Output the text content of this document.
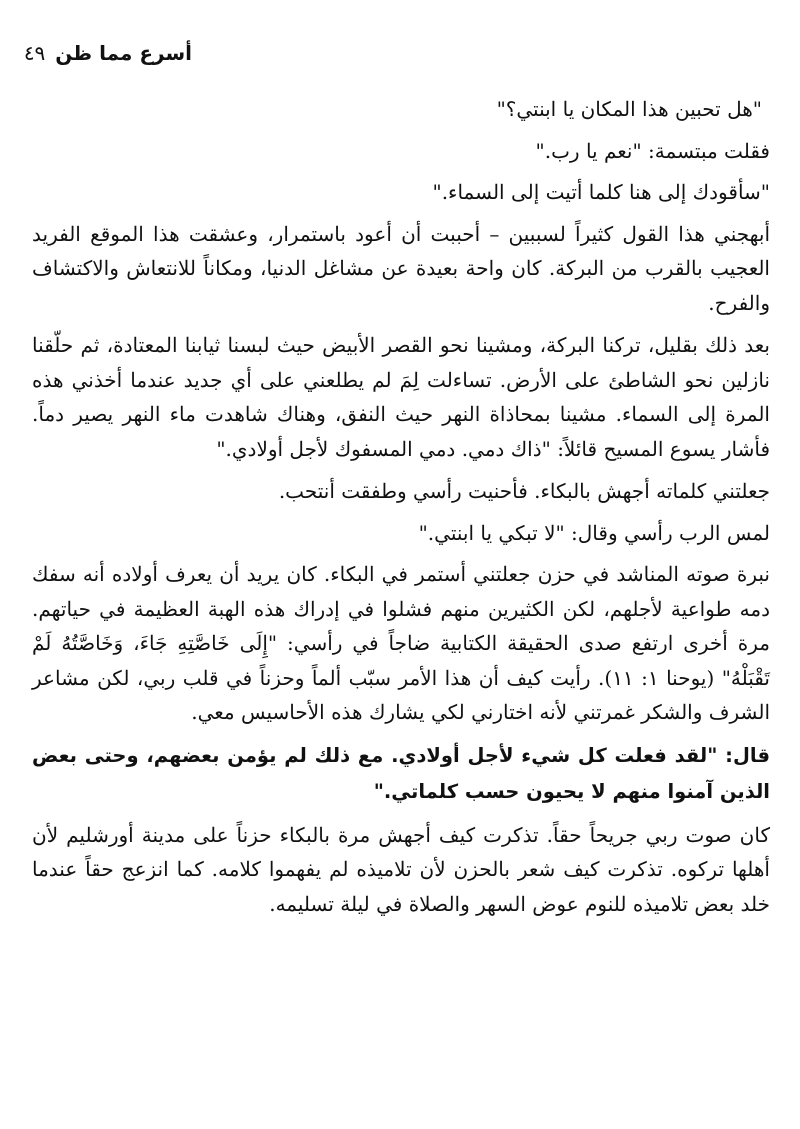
أسرع مما ظن
٤٩

"هل تحبين هذا المكان يا ابنتي؟"

فقلت مبتسمة: "نعم يا رب."

"سأقودك إلى هنا كلما أتيت إلى السماء."

أبهجني هذا القول كثيراً لسببين – أحببت أن أعود باستمرار، وعشقت هذا الموقع الفريد العجيب بالقرب من البركة. كان واحة بعيدة عن مشاغل الدنيا، ومكاناً للانتعاش والاكتشاف والفرح.

بعد ذلك بقليل، تركنا البركة، ومشينا نحو القصر الأبيض حيث لبسنا ثيابنا المعتادة، ثم حلّقنا نازلين نحو الشاطئ على الأرض. تساءلت لِمَ لم يطلعني على أي جديد عندما أخذني هذه المرة إلى السماء. مشينا بمحاذاة النهر حيث النفق، وهناك شاهدت ماء النهر يصير دماً. فأشار يسوع المسيح قائلاً: "ذاك دمي. دمي المسفوك لأجل أولادي."

جعلتني كلماته أجهش بالبكاء. فأحنيت رأسي وطفقت أنتحب.

لمس الرب رأسي وقال: "لا تبكي يا ابنتي."

نبرة صوته المناشد في حزن جعلتني أستمر في البكاء. كان يريد أن يعرف أولاده أنه سفك دمه طواعية لأجلهم، لكن الكثيرين منهم فشلوا في إدراك هذه الهبة العظيمة في حياتهم. مرة أخرى ارتفع صدى الحقيقة الكتابية ضاجاً في رأسي: "إِلَى خَاصَّتِهِ جَاءَ، وَخَاصَّتُهُ لَمْ تَقْبَلْهُ" (يوحنا ١: ١١). رأيت كيف أن هذا الأمر سبّب ألماً وحزناً في قلب ربي، لكن مشاعر الشرف والشكر غمرتني لأنه اختارني لكي يشارك هذه الأحاسيس معي.

قال: "لقد فعلت كل شيء لأجل أولادي. مع ذلك لم يؤمن بعضهم، وحتى بعض الذين آمنوا منهم لا يحيون حسب كلماتي."

كان صوت ربي جريحاً حقاً. تذكرت كيف أجهش مرة بالبكاء حزناً على مدينة أورشليم لأن أهلها تركوه. تذكرت كيف شعر بالحزن لأن تلاميذه لم يفهموا كلامه. كما انزعج حقاً عندما خلد بعض تلاميذه للنوم عوض السهر والصلاة في ليلة تسليمه.
